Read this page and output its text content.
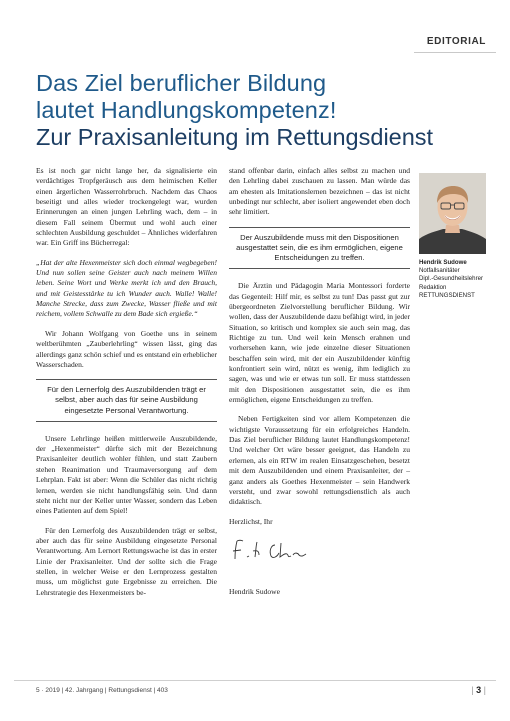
EDITORIAL
Das Ziel beruflicher Bildung
lautet Handlungskompetenz!
Zur Praxisanleitung im Rettungsdienst

Es ist noch gar nicht lange her, da signalisierte ein verdächtiges Tropfgeräusch aus dem heimischen Keller einen ärgerlichen Wasserrohrbruch. Nachdem das Chaos beseitigt und alles wieder trockengelegt war, wurden Erinnerungen an einen jungen Lehrling wach, dem – in diesem Fall seinem Übermut und wohl auch einer schlechten Ausbildung geschuldet – Ähnliches widerfahren war. Ein Griff ins Bücherregal:

„Hat der alte Hexenmeister sich doch einmal wegbegeben! Und nun sollen seine Geister auch nach meinem Willen leben. Seine Wort und Werke merkt ich und den Brauch, und mit Geistesstärke tu ich Wunder auch. Walle! Walle! Manche Strecke, dass zum Zwecke, Wasser fließe und mit reichem, vollem Schwalle zu dem Bade sich ergieße.“

Wir Johann Wolfgang von Goethe uns in seinem weltberühmten „Zauberlehrling“ wissen lässt, ging das allerdings ganz schön schief und es entstand ein erheblicher Wasserschaden.

Für den Lernerfolg des Auszubildenden trägt er selbst, aber auch das für seine Ausbildung eingesetzte Personal Verantwortung.

Unsere Lehrlinge heißen mittlerweile Auszubildende, der „Hexenmeister“ dürfte sich mit der Bezeichnung Praxisanleiter deutlich wohler fühlen, und statt Zaubern stehen Reanimation und Traumaversorgung auf dem Lehrplan. Fakt ist aber: Wenn die Schüler das nicht richtig lernen, werden sie nicht handlungsfähig sein. Und dann steht nicht nur der Keller unter Wasser, sondern das Leben eines Patienten auf dem Spiel!

Für den Lernerfolg des Auszubildenden trägt er selbst, aber auch das für seine Ausbildung eingesetzte Personal Verantwortung. Am Lernort Rettungswache ist das in erster Linie der Praxisanleiter. Und der sollte sich die Frage stellen, in welcher Weise er den Lernprozess gestalten muss, um möglichst gute Ergebnisse zu erreichen. Die Lehrstrategie des Hexenmeisters be-

stand offenbar darin, einfach alles selbst zu machen und den Lehrling dabei zuschauen zu lassen. Man würde das am ehesten als Imitationslernen bezeichnen – das ist nicht unbedingt nur schlecht, aber isoliert angewendet eben doch sehr limitiert.

Der Auszubildende muss mit den Dispositionen ausgestattet sein, die es ihm ermöglichen, eigene Entscheidungen zu treffen.

Die Ärztin und Pädagogin Maria Montessori forderte das Gegenteil: Hilf mir, es selbst zu tun! Das passt gut zur übergeordneten Zielvorstellung beruflicher Bildung. Wir wollen, dass der Auszubildende dazu befähigt wird, in jeder Situation, so kritisch und komplex sie auch sein mag, das Richtige zu tun. Und weil kein Mensch erahnen und vorhersehen kann, wie jede einzelne dieser Situationen beschaffen sein wird, mit der ein Auszubildender künftig konfrontiert sein wird, nützt es wenig, ihm lediglich zu sagen, was und wie er etwas tun soll. Er muss stattdessen mit den Dispositionen ausgestattet sein, die es ihm ermöglichen, eigene Entscheidungen zu treffen.

Neben Fertigkeiten sind vor allem Kompetenzen die wichtigste Voraussetzung für ein erfolgreiches Handeln. Das Ziel beruflicher Bildung lautet Handlungskompetenz! Und welcher Ort wäre besser geeignet, das Handeln zu erlernen, als ein RTW im realen Einsatzgeschehen, besetzt mit dem Auszubildenden und einem Praxisanleiter, der – ganz anders als Goethes Hexenmeister – sein Handwerk versteht, und zwar sowohl rettungsdienstlich als auch didaktisch.

Herzlichst, Ihr

Hendrik Sudowe

Hendrik Sudowe
Notfallsanitäter
Dipl.-Gesundheitslehrer
Redaktion
RETTUNGSDIENST
5 · 2019 | 42. Jahrgang | Rettungsdienst | 403	| 3 |
